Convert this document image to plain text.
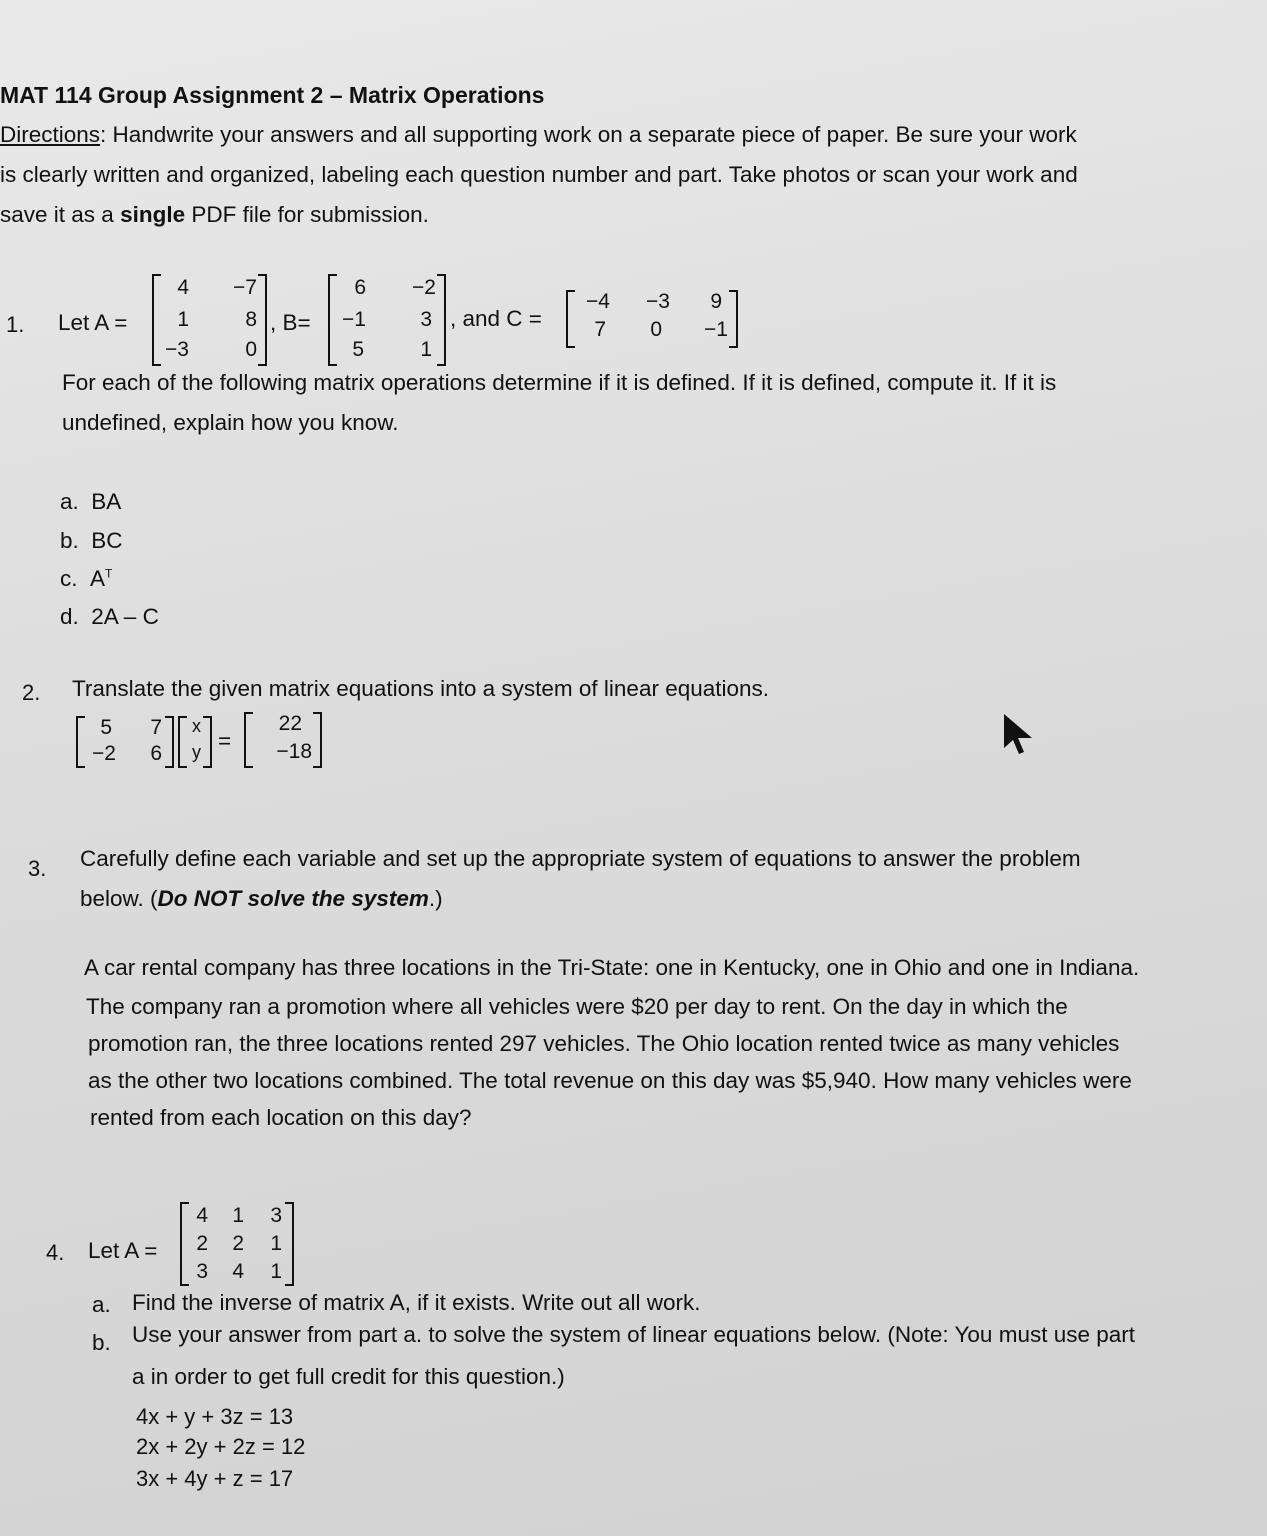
MAT 114 Group Assignment 2 – Matrix Operations
Directions: Handwrite your answers and all supporting work on a separate piece of paper. Be sure your work
is clearly written and organized, labeling each question number and part. Take photos or scan your work and
save it as a single PDF file for submission.
1. Let A =
4 −7
1	8
−3	0
, B=
6 −2
−1	3
5	1
, and C =
−4 −3 9
7 0 −1
For each of the following matrix operations determine if it is defined. If it is defined, compute it. If it is
undefined, explain how you know.
a. BA
b. BC
c. $A^T$
d. 2A – C
2. Translate the given matrix equations into a system of linear equations.
5 7
−2 6
x
y =
22
−18
3. Carefully define each variable and set up the appropriate system of equations to answer the problem
below. (Do NOT solve the system.)
A car rental company has three locations in the Tri-State: one in Kentucky, one in Ohio and one in Indiana.
The company ran a promotion where all vehicles were $20 per day to rent. On the day in which the
promotion ran, the three locations rented 297 vehicles. The Ohio location rented twice as many vehicles
as the other two locations combined. The total revenue on this day was $5,940. How many vehicles were
rented from each location on this day?
4. Let A =
4 1 3
2 2 1
3 4 1
a. Find the inverse of matrix A, if it exists. Write out all work.
b. Use your answer from part a. to solve the system of linear equations below. (Note: You must use part
a in order to get full credit for this question.)
4x + y + 3z = 13
2x + 2y + 2z = 12
3x + 4y + z = 17
